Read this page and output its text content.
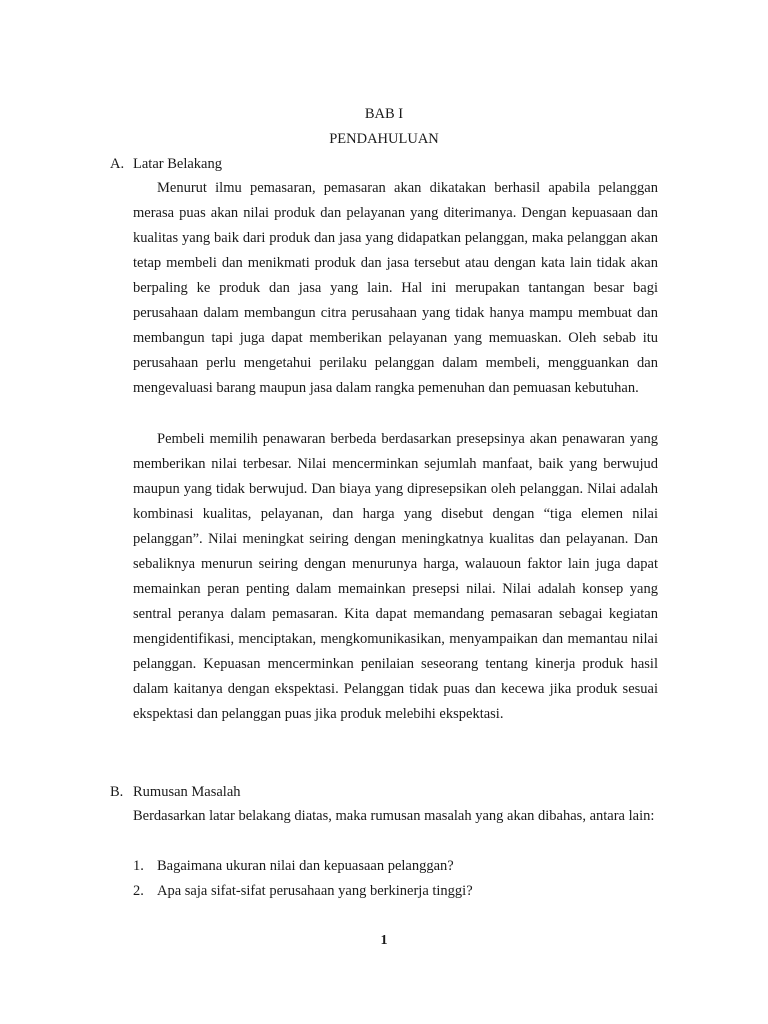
BAB I
PENDAHULUAN
A. Latar Belakang

Menurut ilmu pemasaran, pemasaran akan dikatakan berhasil apabila pelanggan merasa puas akan nilai produk dan pelayanan yang diterimanya. Dengan kepuasaan dan kualitas yang baik dari produk dan jasa yang didapatkan pelanggan, maka pelanggan akan tetap membeli dan menikmati produk dan jasa tersebut atau dengan kata lain tidak akan berpaling ke produk dan jasa yang lain. Hal ini merupakan tantangan besar bagi perusahaan dalam membangun citra perusahaan yang tidak hanya mampu membuat dan membangun tapi juga dapat memberikan pelayanan yang memuaskan. Oleh sebab itu perusahaan perlu mengetahui perilaku pelanggan dalam membeli, mengguankan dan mengevaluasi barang maupun jasa dalam rangka pemenuhan dan pemuasan kebutuhan.

Pembeli memilih penawaran berbeda berdasarkan presepsinya akan penawaran yang memberikan nilai terbesar. Nilai mencerminkan sejumlah manfaat, baik yang berwujud maupun yang tidak berwujud. Dan biaya yang dipresepsikan oleh pelanggan. Nilai adalah kombinasi kualitas, pelayanan, dan harga yang disebut dengan “tiga elemen nilai pelanggan”. Nilai meningkat seiring dengan meningkatnya kualitas dan pelayanan. Dan sebaliknya menurun seiring dengan menurunya harga, walauoun faktor lain juga dapat memainkan peran penting dalam memainkan presepsi nilai. Nilai adalah konsep yang sentral peranya dalam pemasaran. Kita dapat memandang pemasaran sebagai kegiatan mengidentifikasi, menciptakan, mengkomunikasikan, menyampaikan dan memantau nilai pelanggan. Kepuasan mencerminkan penilaian seseorang tentang kinerja produk hasil dalam kaitanya dengan ekspektasi. Pelanggan tidak puas dan kecewa jika produk sesuai ekspektasi dan pelanggan puas jika produk melebihi ekspektasi.

B. Rumusan Masalah

Berdasarkan latar belakang diatas, maka rumusan masalah yang akan dibahas, antara lain:

1. Bagaimana ukuran nilai dan kepuasaan pelanggan?
2. Apa saja sifat-sifat perusahaan yang berkinerja tinggi?
1
